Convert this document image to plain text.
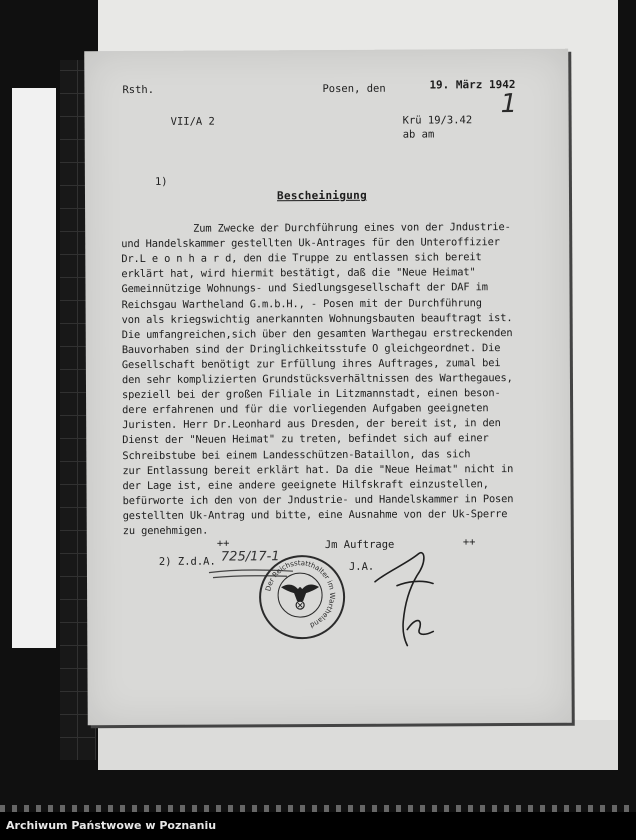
Rsth.	Posen, den	19. März 1942
1
VII/A 2	Krü 19/3.42
ab am
1)
Bescheinigung
Zum Zwecke der Durchführung eines von der Jndustrie-
und Handelskammer gestellten Uk-Antrages für den Unteroffizier
Dr.L e o n h a r d, den die Truppe zu entlassen sich bereit
erklärt hat, wird hiermit bestätigt, daß die "Neue Heimat"
Gemeinnützige Wohnungs- und Siedlungsgesellschaft der DAF im
Reichsgau Wartheland G.m.b.H., - Posen mit der Durchführung
von als kriegswichtig anerkannten Wohnungsbauten beauftragt ist.
Die umfangreichen,sich über den gesamten Warthegau erstreckenden
Bauvorhaben sind der Dringlichkeitsstufe O gleichgeordnet. Die
Gesellschaft benötigt zur Erfüllung ihres Auftrages, zumal bei
den sehr komplizierten Grundstücksverhältnissen des Warthegaues,
speziell bei der großen Filiale in Litzmannstadt, einen beson-
dere erfahrenen und für die vorliegenden Aufgaben geeigneten
Juristen. Herr Dr.Leonhard aus Dresden, der bereit ist, in den
Dienst der "Neuen Heimat" zu treten, befindet sich auf einer
Schreibstube bei einem Landesschützen-Bataillon, das sich
zur Entlassung bereit erklärt hat. Da die "Neue Heimat" nicht in
der Lage ist, eine andere geeignete Hilfskraft einzustellen,
befürworte ich den von der Jndustrie- und Handelskammer in Posen
gestellten Uk-Antrag und bitte, eine Ausnahme von der Uk-Sperre
zu genehmigen.
++	Jm Auftrage	++
2) Z.d.A. 725/17-1
J.A.
Der Reichsstatthalter im Wartheland
Archiwum Państwowe w Poznaniu
